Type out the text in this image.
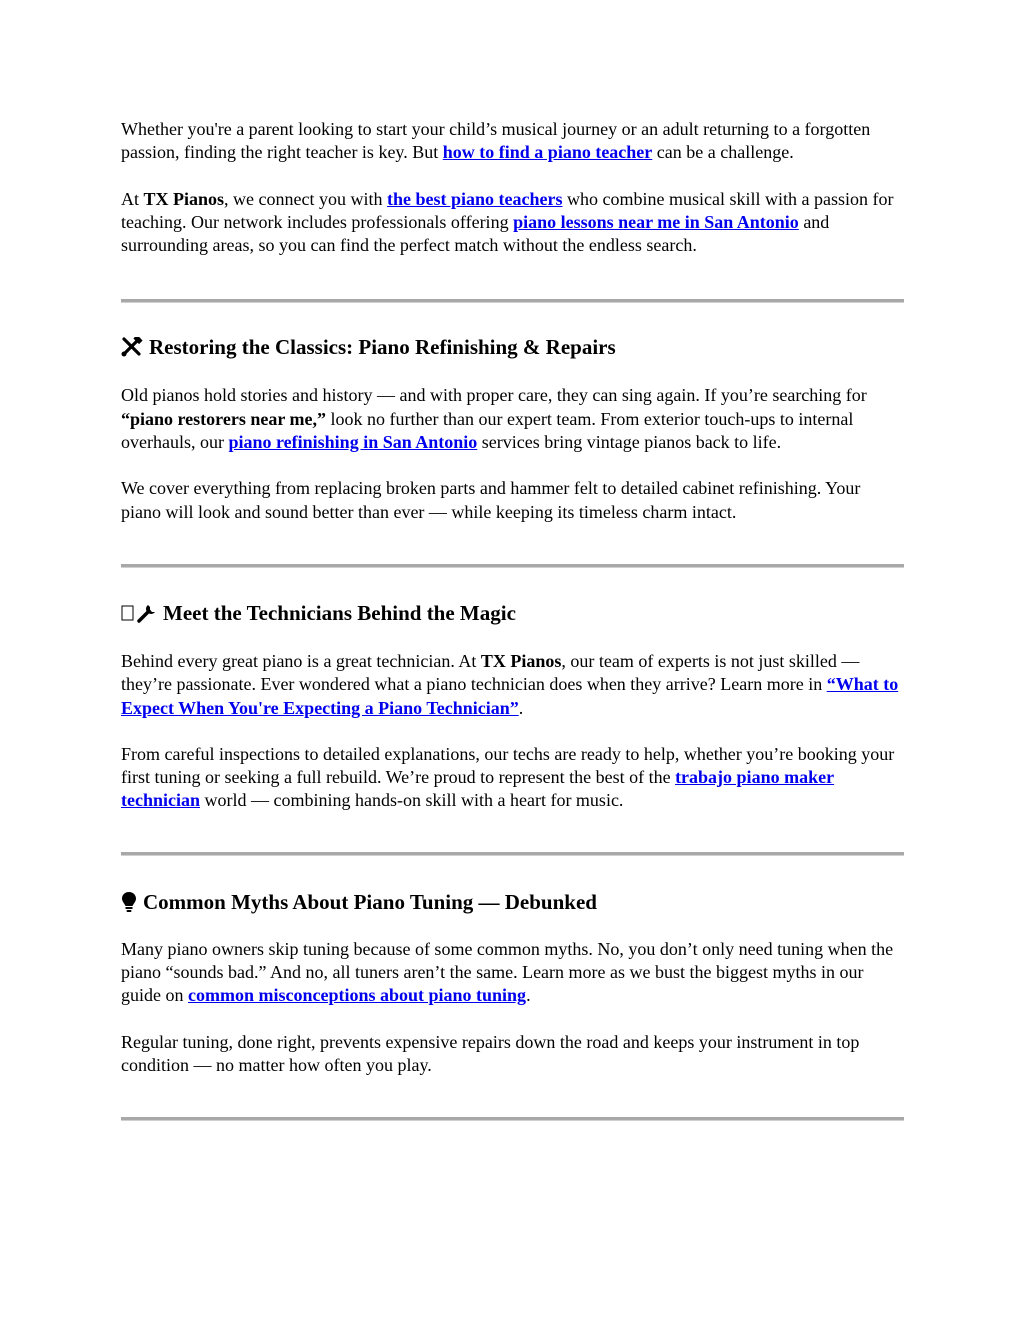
Whether you're a parent looking to start your child’s musical journey or an adult returning to a forgotten passion, finding the right teacher is key. But how to find a piano teacher can be a challenge.

At TX Pianos, we connect you with the best piano teachers who combine musical skill with a passion for teaching. Our network includes professionals offering piano lessons near me in San Antonio and surrounding areas, so you can find the perfect match without the endless search.

Restoring the Classics: Piano Refinishing & Repairs

Old pianos hold stories and history — and with proper care, they can sing again. If you’re searching for “piano restorers near me,” look no further than our expert team. From exterior touch-ups to internal overhauls, our piano refinishing in San Antonio services bring vintage pianos back to life.

We cover everything from replacing broken parts and hammer felt to detailed cabinet refinishing. Your piano will look and sound better than ever — while keeping its timeless charm intact.

Meet the Technicians Behind the Magic

Behind every great piano is a great technician. At TX Pianos, our team of experts is not just skilled — they’re passionate. Ever wondered what a piano technician does when they arrive? Learn more in “What to Expect When You're Expecting a Piano Technician”.

From careful inspections to detailed explanations, our techs are ready to help, whether you’re booking your first tuning or seeking a full rebuild. We’re proud to represent the best of the trabajo piano maker technician world — combining hands-on skill with a heart for music.

Common Myths About Piano Tuning — Debunked

Many piano owners skip tuning because of some common myths. No, you don’t only need tuning when the piano “sounds bad.” And no, all tuners aren’t the same. Learn more as we bust the biggest myths in our guide on common misconceptions about piano tuning.

Regular tuning, done right, prevents expensive repairs down the road and keeps your instrument in top condition — no matter how often you play.
